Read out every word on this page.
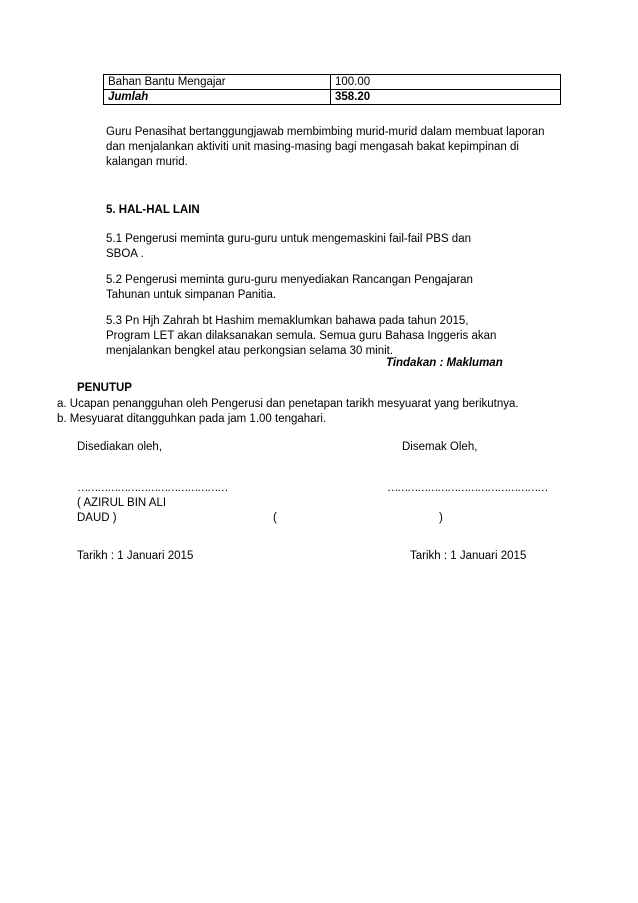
Bahan Bantu Mengajar	100.00
Jumlah	358.20
Guru Penasihat bertanggungjawab membimbing murid-murid dalam membuat laporan
dan menjalankan aktiviti unit masing-masing bagi mengasah bakat kepimpinan di
kalangan murid.
5. HAL-HAL LAIN
5.1 Pengerusi meminta guru-guru untuk mengemaskini fail-fail PBS dan
SBOA .
5.2 Pengerusi meminta guru-guru menyediakan Rancangan Pengajaran
Tahunan untuk simpanan Panitia.
5.3 Pn Hjh Zahrah bt Hashim memaklumkan bahawa pada tahun 2015,
Program LET akan dilaksanakan semula. Semua guru Bahasa Inggeris akan
menjalankan bengkel atau perkongsian selama 30 minit.
Tindakan : Makluman
PENUTUP
a. Ucapan penangguhan oleh Pengerusi dan penetapan tarikh mesyuarat yang berikutnya.
b. Mesyuarat ditangguhkan pada jam 1.00 tengahari.
Disediakan oleh,	Disemak Oleh,
………………………………………	…………………………………………
( AZIRUL BIN ALI
DAUD )	(	)
Tarikh : 1 Januari 2015	Tarikh : 1 Januari 2015
